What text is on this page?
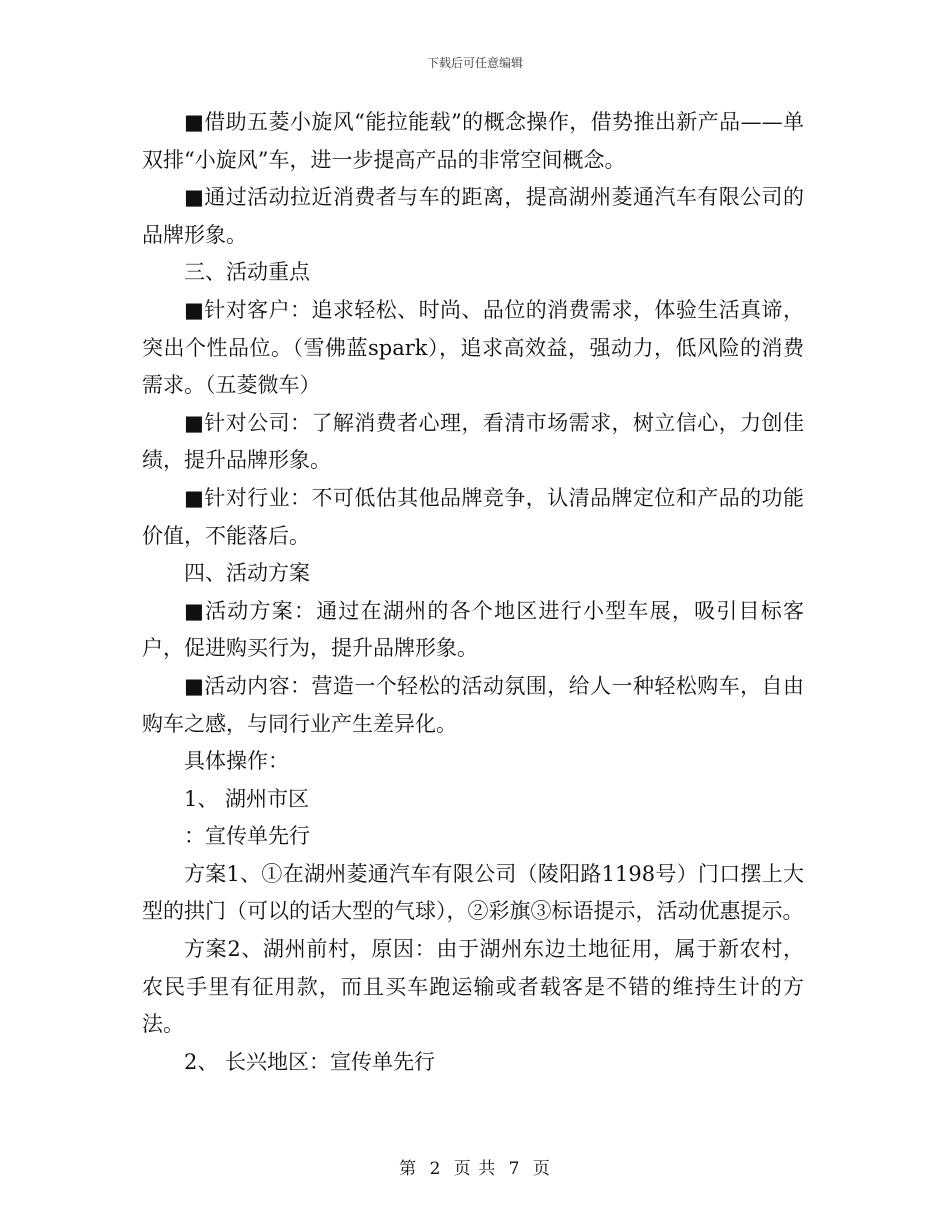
下载后可任意编辑

■借助五菱小旋风“能拉能载”的概念操作，借势推出新产品——单双排“小旋风”车，进一步提高产品的非常空间概念。

■通过活动拉近消费者与车的距离，提高湖州菱通汽车有限公司的品牌形象。

三、活动重点

■针对客户：追求轻松、时尚、品位的消费需求，体验生活真谛，突出个性品位。（雪佛蓝spark），追求高效益，强动力，低风险的消费需求。（五菱微车）

■针对公司：了解消费者心理，看清市场需求，树立信心，力创佳绩，提升品牌形象。

■针对行业：不可低估其他品牌竞争，认清品牌定位和产品的功能价值，不能落后。

四、活动方案

■活动方案：通过在湖州的各个地区进行小型车展，吸引目标客户，促进购买行为，提升品牌形象。

■活动内容：营造一个轻松的活动氛围，给人一种轻松购车，自由购车之感，与同行业产生差异化。

具体操作：

1、 湖州市区

：宣传单先行

方案1、①在湖州菱通汽车有限公司（陵阳路1198号）门口摆上大型的拱门（可以的话大型的气球），②彩旗③标语提示，活动优惠提示。

方案2、湖州前村，原因：由于湖州东边土地征用，属于新农村，农民手里有征用款，而且买车跑运输或者载客是不错的维持生计的方法。

2、 长兴地区：宣传单先行

第 2 页 共 7 页
